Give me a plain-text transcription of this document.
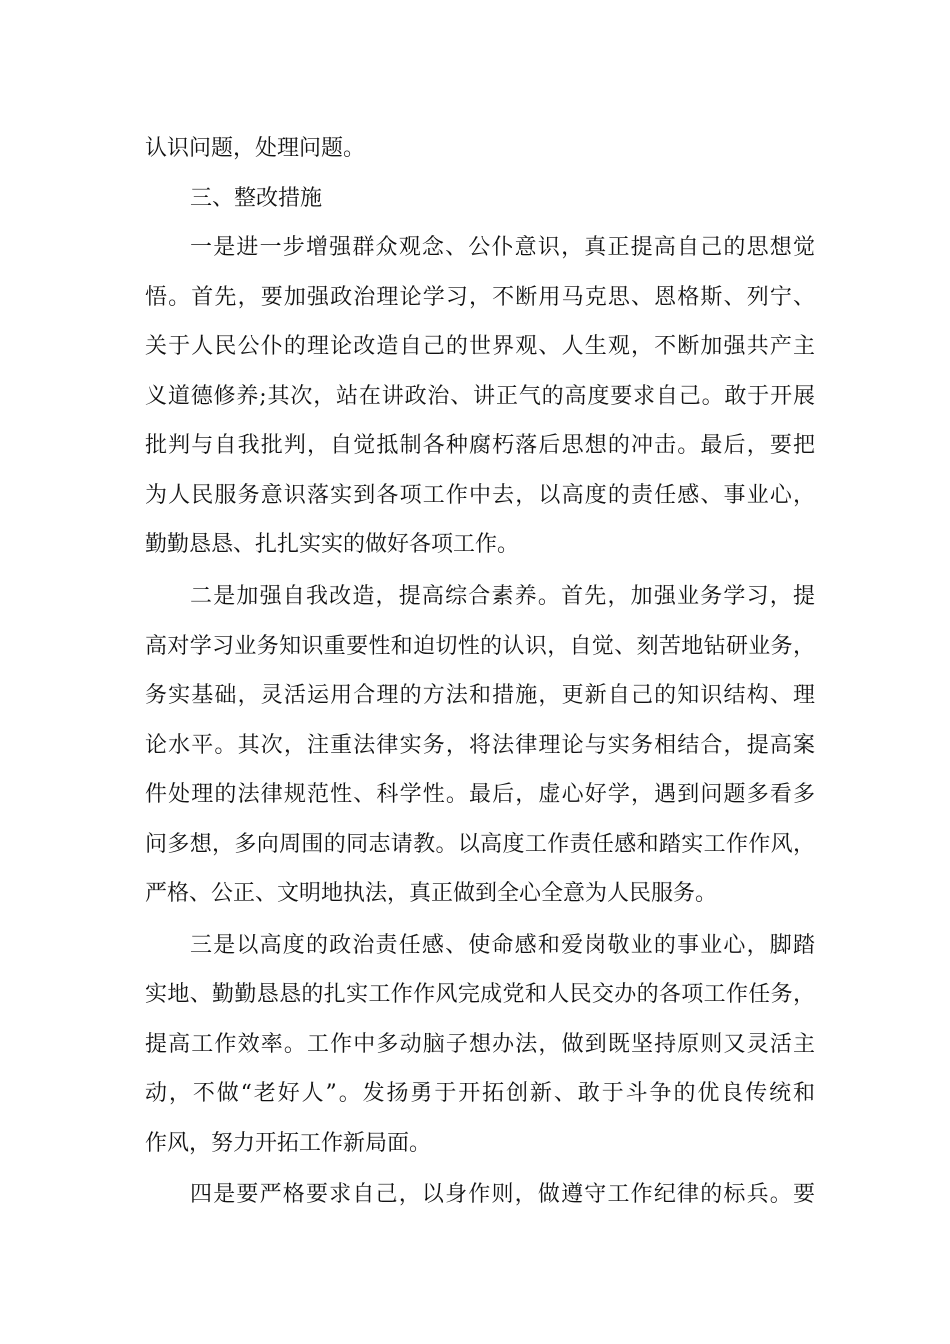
认识问题，处理问题。
三、整改措施
一是进一步增强群众观念、公仆意识，真正提高自己的思想觉
悟。首先，要加强政治理论学习，不断用马克思、恩格斯、列宁、
关于人民公仆的理论改造自己的世界观、人生观，不断加强共产主
义道德修养;其次，站在讲政治、讲正气的高度要求自己。敢于开展
批判与自我批判，自觉抵制各种腐朽落后思想的冲击。最后，要把
为人民服务意识落实到各项工作中去，以高度的责任感、事业心，
勤勤恳恳、扎扎实实的做好各项工作。
二是加强自我改造，提高综合素养。首先，加强业务学习，提
高对学习业务知识重要性和迫切性的认识，自觉、刻苦地钻研业务，
务实基础，灵活运用合理的方法和措施，更新自己的知识结构、理
论水平。其次，注重法律实务，将法律理论与实务相结合，提高案
件处理的法律规范性、科学性。最后，虚心好学，遇到问题多看多
问多想，多向周围的同志请教。以高度工作责任感和踏实工作作风，
严格、公正、文明地执法，真正做到全心全意为人民服务。
三是以高度的政治责任感、使命感和爱岗敬业的事业心，脚踏
实地、勤勤恳恳的扎实工作作风完成党和人民交办的各项工作任务，
提高工作效率。工作中多动脑子想办法，做到既坚持原则又灵活主
动，不做“老好人”。发扬勇于开拓创新、敢于斗争的优良传统和
作风，努力开拓工作新局面。
四是要严格要求自己，以身作则，做遵守工作纪律的标兵。要
